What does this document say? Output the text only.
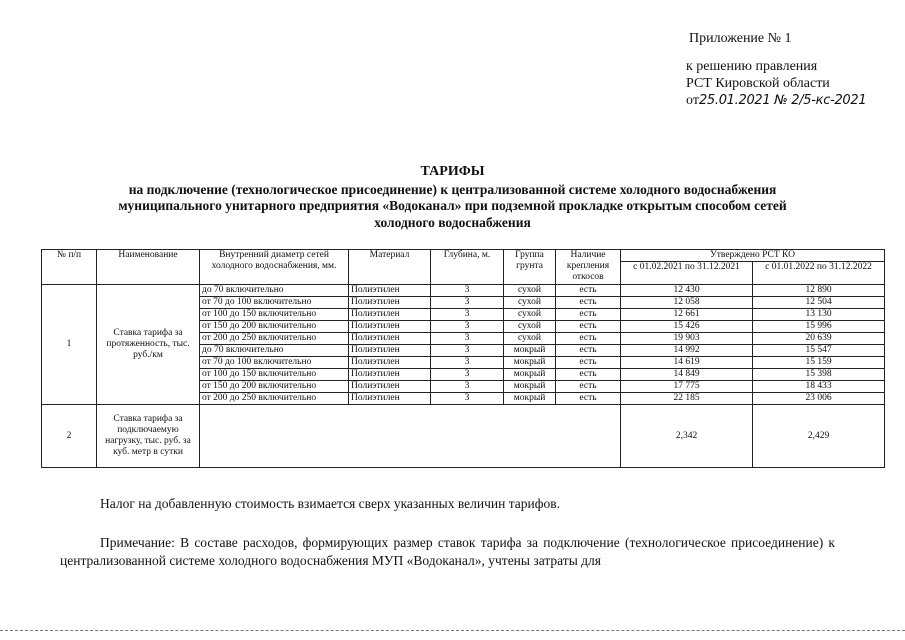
Приложение № 1
к решению правления
РСТ Кировской области
от25.01.2021 № 2/5-кс-2021
ТАРИФЫ
на подключение (технологическое присоединение) к централизованной системе холодного водоснабжения
муниципального унитарного предприятия «Водоканал» при подземной прокладке открытым способом сетей
холодного водоснабжения
№ п/п	Наименование	Внутренний диаметр сетей холодного водоснабжения, мм.	Материал	Глубина, м.	Группа грунта	Наличие крепления откосов	Утверждено РСТ КО	
							с 01.02.2021 по 31.12.2021	с 01.01.2022 по 31.12.2022
1	Ставка тарифа за протяженность, тыс. руб./км	до 70 включительно	Полиэтилен	3	сухой	есть	12 430	12 890
		от 70 до 100 включительно	Полиэтилен	3	сухой	есть	12 058	12 504
		от 100 до 150 включительно	Полиэтилен	3	сухой	есть	12 661	13 130
		от 150 до 200 включительно	Полиэтилен	3	сухой	есть	15 426	15 996
		от 200 до 250 включительно	Полиэтилен	3	сухой	есть	19 903	20 639
		до 70 включительно	Полиэтилен	3	мокрый	есть	14 992	15 547
		от 70 до 100 включительно	Полиэтилен	3	мокрый	есть	14 619	15 159
		от 100 до 150 включительно	Полиэтилен	3	мокрый	есть	14 849	15 398
		от 150 до 200 включительно	Полиэтилен	3	мокрый	есть	17 775	18 433
		от 200 до 250 включительно	Полиэтилен	3	мокрый	есть	22 185	23 006
2	Ставка тарифа за подключаемую нагрузку, тыс. руб. за куб. метр в сутки						2,342	2,429
Налог на добавленную стоимость взимается сверх указанных величин тарифов.
Примечание: В составе расходов, формирующих размер ставок тарифа за подключение (технологическое присоединение) к централизованной системе холодного водоснабжения МУП «Водоканал», учтены затраты для
